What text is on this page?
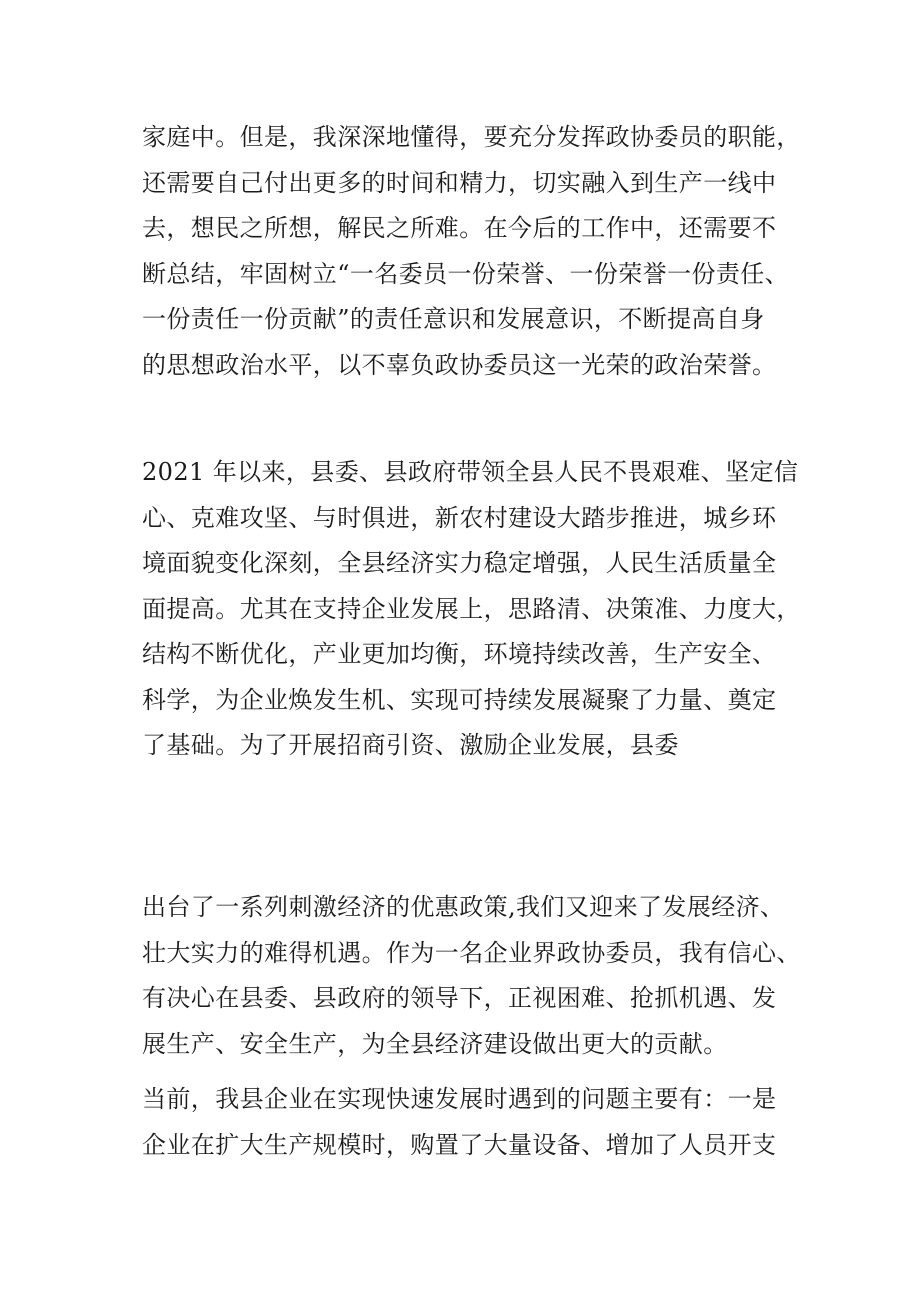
家庭中。但是，我深深地懂得，要充分发挥政协委员的职能，
还需要自己付出更多的时间和精力，切实融入到生产一线中
去，想民之所想，解民之所难。在今后的工作中，还需要不
断总结，牢固树立“一名委员一份荣誉、一份荣誉一份责任、
一份责任一份贡献”的责任意识和发展意识，不断提高自身
的思想政治水平，以不辜负政协委员这一光荣的政治荣誉。

2021 年以来，县委、县政府带领全县人民不畏艰难、坚定信
心、克难攻坚、与时俱进，新农村建设大踏步推进，城乡环
境面貌变化深刻，全县经济实力稳定增强，人民生活质量全
面提高。尤其在支持企业发展上，思路清、决策准、力度大，
结构不断优化，产业更加均衡，环境持续改善，生产安全、
科学，为企业焕发生机、实现可持续发展凝聚了力量、奠定
了基础。为了开展招商引资、激励企业发展，县委

出台了一系列刺激经济的优惠政策,我们又迎来了发展经济、
壮大实力的难得机遇。作为一名企业界政协委员，我有信心、
有决心在县委、县政府的领导下，正视困难、抢抓机遇、发
展生产、安全生产，为全县经济建设做出更大的贡献。

当前，我县企业在实现快速发展时遇到的问题主要有：一是
企业在扩大生产规模时，购置了大量设备、增加了人员开支
